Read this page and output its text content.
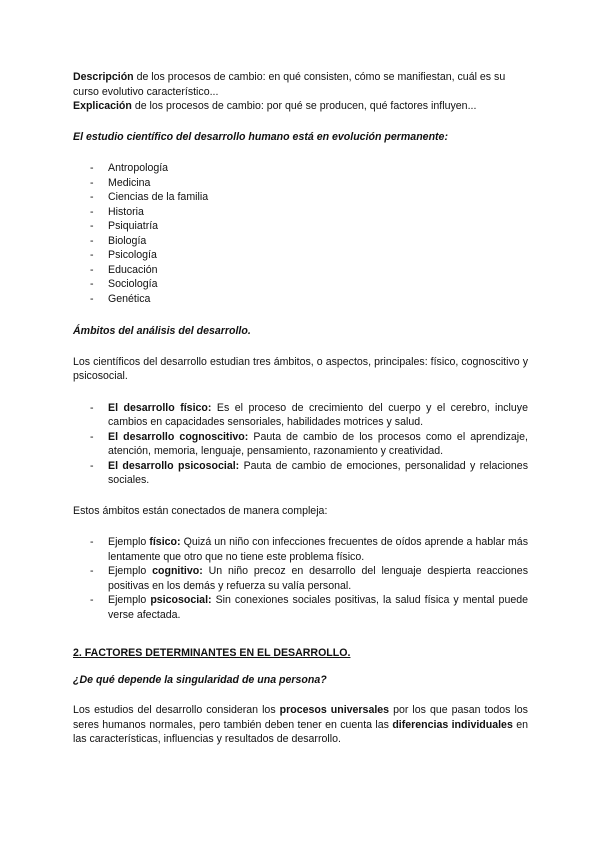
Descripción de los procesos de cambio: en qué consisten, cómo se manifiestan, cuál es su curso evolutivo característico...

Explicación de los procesos de cambio: por qué se producen, qué factores influyen...

El estudio científico del desarrollo humano está en evolución permanente:

- Antropología
- Medicina
- Ciencias de la familia
- Historia
- Psiquiatría
- Biología
- Psicología
- Educación
- Sociología
- Genética

Ámbitos del análisis del desarrollo.

Los científicos del desarrollo estudian tres ámbitos, o aspectos, principales: físico, cognoscitivo y psicosocial.

- El desarrollo físico: Es el proceso de crecimiento del cuerpo y el cerebro, incluye cambios en capacidades sensoriales, habilidades motrices y salud.
- El desarrollo cognoscitivo: Pauta de cambio de los procesos como el aprendizaje, atención, memoria, lenguaje, pensamiento, razonamiento y creatividad.
- El desarrollo psicosocial: Pauta de cambio de emociones, personalidad y relaciones sociales.

Estos ámbitos están conectados de manera compleja:

- Ejemplo físico: Quizá un niño con infecciones frecuentes de oídos aprende a hablar más lentamente que otro que no tiene este problema físico.
- Ejemplo cognitivo: Un niño precoz en desarrollo del lenguaje despierta reacciones positivas en los demás y refuerza su valía personal.
- Ejemplo psicosocial: Sin conexiones sociales positivas, la salud física y mental puede verse afectada.

2. FACTORES DETERMINANTES EN EL DESARROLLO.

¿De qué depende la singularidad de una persona?

Los estudios del desarrollo consideran los procesos universales por los que pasan todos los seres humanos normales, pero también deben tener en cuenta las diferencias individuales en las características, influencias y resultados de desarrollo.
